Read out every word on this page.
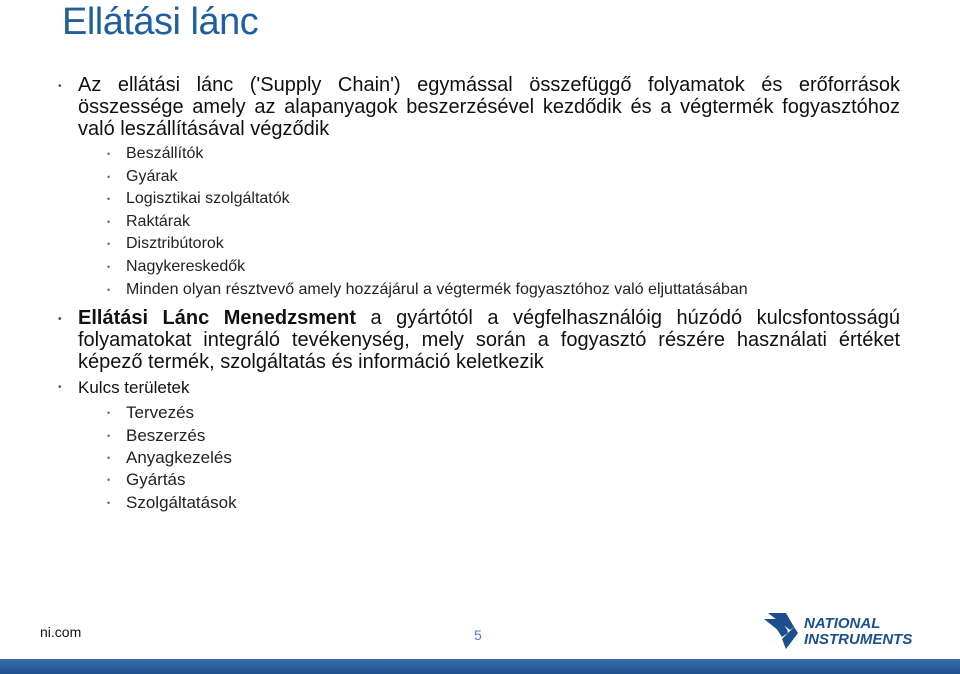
Ellátási lánc
• Az ellátási lánc ('Supply Chain') egymással összefüggő folyamatok és erőforrások összessége amely az alapanyagok beszerzésével kezdődik és a végtermék fogyasztóhoz való leszállításával végződik
• Beszállítók
• Gyárak
• Logisztikai szolgáltatók
• Raktárak
• Disztribútorok
• Nagykereskedők
• Minden olyan résztvevő amely hozzájárul a végtermék fogyasztóhoz való eljuttatásában
• Ellátási Lánc Menedzsment a gyártótól a végfelhasználóig húzódó kulcsfontosságú folyamatokat integráló tevékenység, mely során a fogyasztó részére használati értéket képező termék, szolgáltatás és információ keletkezik
• Kulcs területek
• Tervezés
• Beszerzés
• Anyagkezelés
• Gyártás
• Szolgáltatások
ni.com	5
NATIONAL
INSTRUMENTS
